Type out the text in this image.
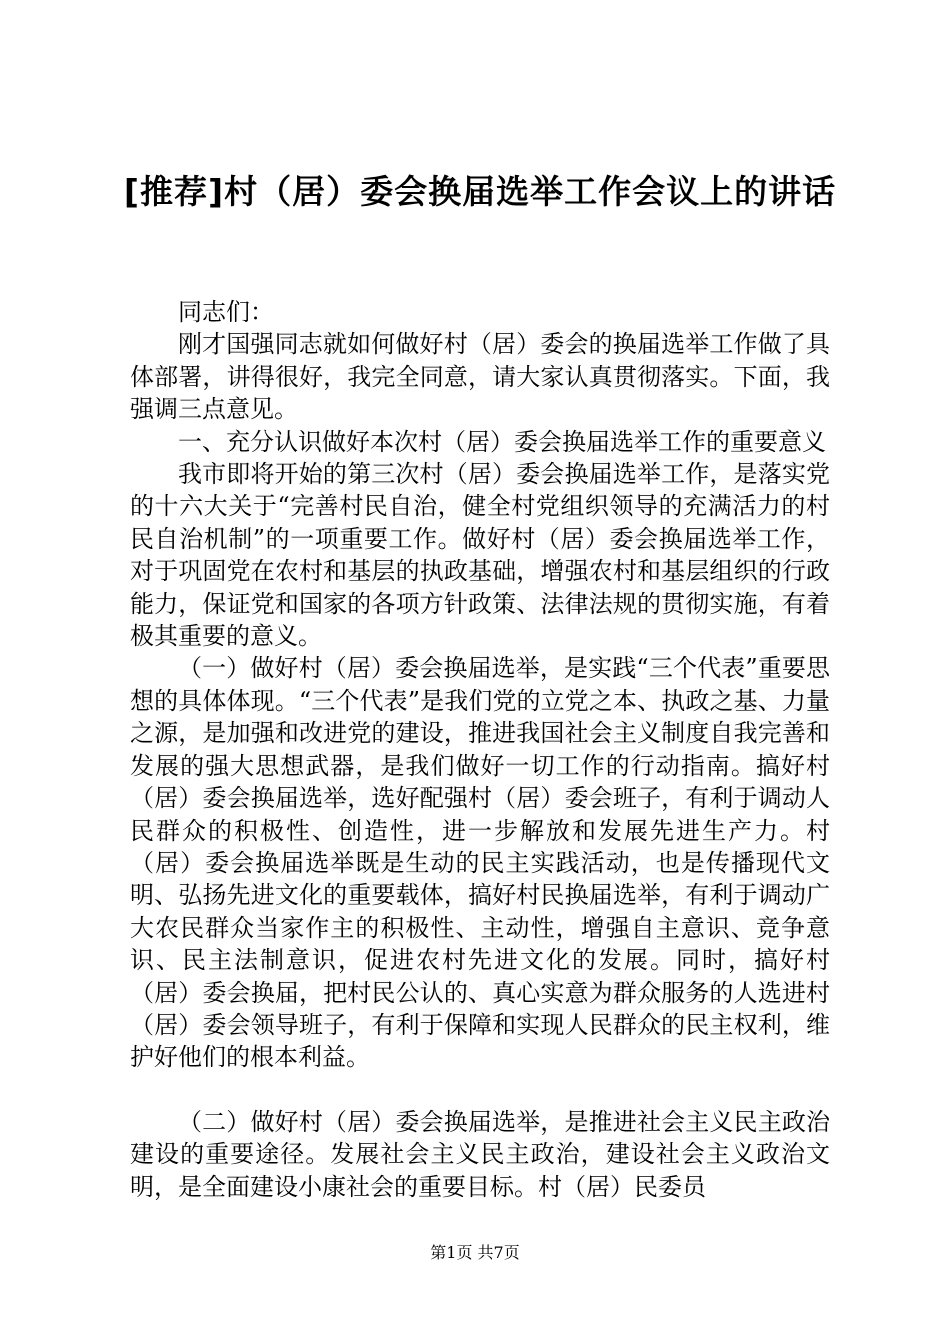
[推荐]村（居）委会换届选举工作会议上的讲话

同志们：

刚才国强同志就如何做好村（居）委会的换届选举工作做了具体部署，讲得很好，我完全同意，请大家认真贯彻落实。下面，我强调三点意见。

一、充分认识做好本次村（居）委会换届选举工作的重要意义

我市即将开始的第三次村（居）委会换届选举工作，是落实党的十六大关于“完善村民自治，健全村党组织领导的充满活力的村民自治机制”的一项重要工作。做好村（居）委会换届选举工作，对于巩固党在农村和基层的执政基础，增强农村和基层组织的行政能力，保证党和国家的各项方针政策、法律法规的贯彻实施，有着极其重要的意义。

（一）做好村（居）委会换届选举，是实践“三个代表”重要思想的具体体现。“三个代表”是我们党的立党之本、执政之基、力量之源，是加强和改进党的建设，推进我国社会主义制度自我完善和发展的强大思想武器，是我们做好一切工作的行动指南。搞好村（居）委会换届选举，选好配强村（居）委会班子，有利于调动人民群众的积极性、创造性，进一步解放和发展先进生产力。村（居）委会换届选举既是生动的民主实践活动，也是传播现代文明、弘扬先进文化的重要载体，搞好村民换届选举，有利于调动广大农民群众当家作主的积极性、主动性，增强自主意识、竞争意识、民主法制意识，促进农村先进文化的发展。同时，搞好村（居）委会换届，把村民公认的、真心实意为群众服务的人选进村（居）委会领导班子，有利于保障和实现人民群众的民主权利，维护好他们的根本利益。

（二）做好村（居）委会换届选举，是推进社会主义民主政治建设的重要途径。发展社会主义民主政治，建设社会主义政治文明，是全面建设小康社会的重要目标。村（居）民委员

第1页 共7页
